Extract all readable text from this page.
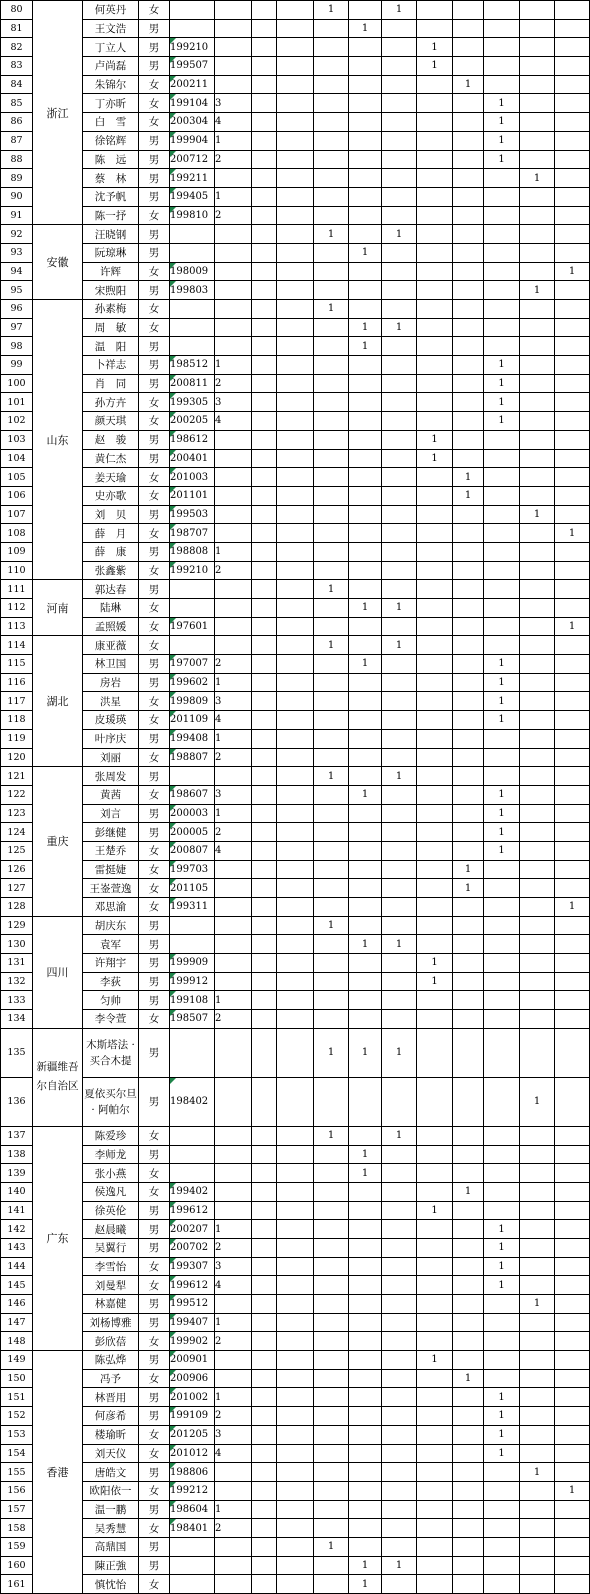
80	浙江	何英丹	女					1		1						
81		王文浩	男						1							
82		丁立人	男	199210							1					
83		卢尚磊	男	199507							1					
84		朱锦尔	女	200211								1				
85		丁亦昕	女	199104	3								1			
86		白　雪	女	200304	4								1			
87		徐铭辉	男	199904	1								1			
88		陈　远	男	200712	2								1			
89		蔡　林	男	199211										1		
90		沈予帆	男	199405	1											
91		陈一抒	女	199810	2											
92	安徽	汪晓钢	男					1		1						
93		阮琼琳	男						1							
94		许辉	女	198009											1	
95		宋煦阳	男	199803										1		
96	山东	孙素梅	女					1								
97		周　敏	女						1	1						
98		温　阳	男						1							
99		卜祥志	男	198512	1								1			
100		肖　同	男	200811	2								1			
101		孙方卉	女	199305	3								1			
102		颜天琪	女	200205	4								1			
103		赵　骏	男	198612							1					
104		黄仁杰	男	200401							1					
105		姜天瑜	女	201003								1				
106		史亦歌	女	201101								1				
107		刘　贝	男	199503										1		
108		薛　月	女	198707											1	
109		薛　康	男	198808	1											
110		张鑫紫	女	199210	2											
111	河南	郭达春	男					1								
112		陆琳	女						1	1						
113		孟照媛	女	197601											1	
114	湖北	康亚薇	女					1		1						
115		林卫国	男	197007	2				1				1			
116		房岩	男	199602	1								1			
117		洪星	女	199809	3								1			
118		皮瑗瑛	女	201109	4								1			
119		叶序庆	男	199408	1											
120		刘丽	女	198807	2											
121	重庆	张周发	男					1		1						
122		黄茜	女	198607	3				1				1			
123		刘言	男	200003	1								1			
124		彭继健	男	200005	2								1			
125		王楚乔	女	200807	4								1			
126		雷挺婕	女	199703								1				
127		王崟萱逸	女	201105								1				
128		邓思渝	女	199311											1	
129	四川	胡庆东	男					1								
130		袁军	男						1	1						
131		许翔宇	男	199909							1					
132		李荻	男	199912							1					
133		匀帅	男	199108	1											
134		李令萱	女	198507	2											
135	新疆维吾尔自治区	木斯塔法 · 买合木提	男					1	1	1						
136		夏依买尔旦 · 阿帕尔	男	198402										1		
137	广东	陈爱珍	女					1		1						
138		李师龙	男						1							
139		张小燕	女						1							
140		侯逸凡	女	199402								1				
141		徐英伦	男	199612							1					
142		赵晨曦	男	200207	1								1			
143		吴翼行	男	200702	2								1			
144		李雪怡	女	199307	3								1			
145		刘曼犁	女	199612	4								1			
146		林嘉健	男	199512										1		
147		刘杨博雅	男	199407	1											
148		彭欣蓓	女	199902	2											
149	香港	陈弘烨	男	200901							1					
150		冯予	女	200906								1				
151		林晋用	男	201002	1								1			
152		何彦希	男	199109	2								1			
153		楼瑜昕	女	201205	3								1			
154		刘天仪	女	201012	4								1			
155		唐皓文	男	198806										1		
156		欧阳依一	女	199212											1	
157		温一鹏	男	198604	1											
158		吴秀慧	女	198401	2											
159		高鼎国	男					1								
160		陳正強	男						1	1						
161		慎忱怡	女						1							
